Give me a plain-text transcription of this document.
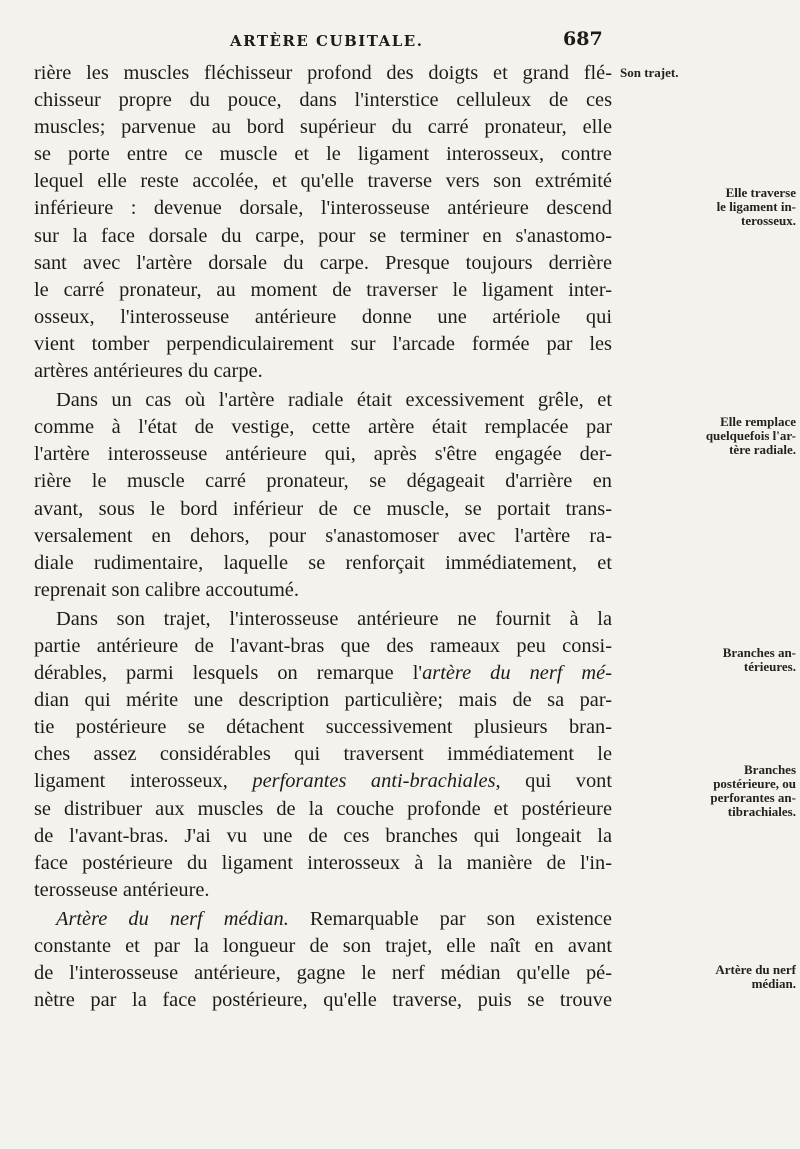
ARTÈRE CUBITALE.	687
rière les muscles fléchisseur profond des doigts et grand flé-
chisseur propre du pouce, dans l'interstice celluleux de ces
muscles; parvenue au bord supérieur du carré pronateur, elle
se porte entre ce muscle et le ligament interosseux, contre
lequel elle reste accolée, et qu'elle traverse vers son extrémité
inférieure : devenue dorsale, l'interosseuse antérieure descend
sur la face dorsale du carpe, pour se terminer en s'anastomo-
sant avec l'artère dorsale du carpe. Presque toujours derrière
le carré pronateur, au moment de traverser le ligament inter-
osseux, l'interosseuse antérieure donne une artériole qui
vient tomber perpendiculairement sur l'arcade formée par les
artères antérieures du carpe.
Dans un cas où l'artère radiale était excessivement grêle, et
comme à l'état de vestige, cette artère était remplacée par
l'artère interosseuse antérieure qui, après s'être engagée der-
rière le muscle carré pronateur, se dégageait d'arrière en
avant, sous le bord inférieur de ce muscle, se portait trans-
versalement en dehors, pour s'anastomoser avec l'artère ra-
diale rudimentaire, laquelle se renforçait immédiatement, et
reprenait son calibre accoutumé.
Dans son trajet, l'interosseuse antérieure ne fournit à la
partie antérieure de l'avant-bras que des rameaux peu consi-
dérables, parmi lesquels on remarque l'artère du nerf mé-
dian qui mérite une description particulière; mais de sa par-
tie postérieure se détachent successivement plusieurs bran-
ches assez considérables qui traversent immédiatement le
ligament interosseux, perforantes anti-brachiales, qui vont
se distribuer aux muscles de la couche profonde et postérieure
de l'avant-bras. J'ai vu une de ces branches qui longeait la
face postérieure du ligament interosseux à la manière de l'in-
terosseuse antérieure.
Artère du nerf médian. Remarquable par son existence
constante et par la longueur de son trajet, elle naît en avant
de l'interosseuse antérieure, gagne le nerf médian qu'elle pé-
nètre par la face postérieure, qu'elle traverse, puis se trouve
Son trajet.
Elle traverse
le ligament in-
terosseux.
Elle remplace
quelquefois l'ar-
tère radiale.
Branches an-
térieures.
Branches
postérieure, ou
perforantes an-
tibrachiales.
Artère du nerf
médian.
